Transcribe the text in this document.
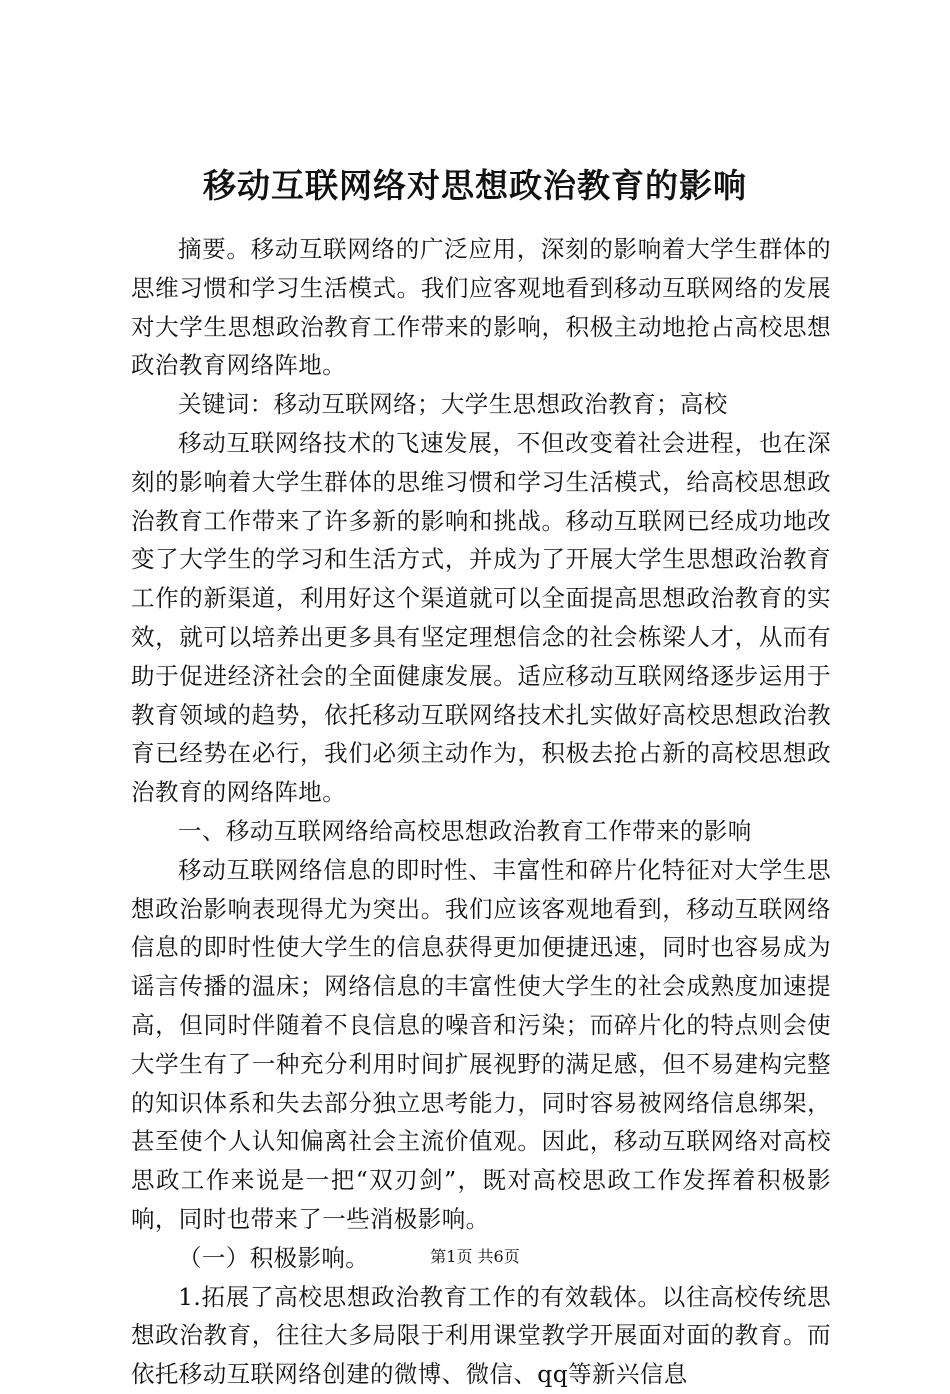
移动互联网络对思想政治教育的影响

摘要。移动互联网络的广泛应用，深刻的影响着大学生群体的思维习惯和学习生活模式。我们应客观地看到移动互联网络的发展对大学生思想政治教育工作带来的影响，积极主动地抢占高校思想政治教育网络阵地。

关键词：移动互联网络；大学生思想政治教育；高校

移动互联网络技术的飞速发展，不但改变着社会进程，也在深刻的影响着大学生群体的思维习惯和学习生活模式，给高校思想政治教育工作带来了许多新的影响和挑战。移动互联网已经成功地改变了大学生的学习和生活方式，并成为了开展大学生思想政治教育工作的新渠道，利用好这个渠道就可以全面提高思想政治教育的实效，就可以培养出更多具有坚定理想信念的社会栋梁人才，从而有助于促进经济社会的全面健康发展。适应移动互联网络逐步运用于教育领域的趋势，依托移动互联网络技术扎实做好高校思想政治教育已经势在必行，我们必须主动作为，积极去抢占新的高校思想政治教育的网络阵地。

一、移动互联网络给高校思想政治教育工作带来的影响

移动互联网络信息的即时性、丰富性和碎片化特征对大学生思想政治影响表现得尤为突出。我们应该客观地看到，移动互联网络信息的即时性使大学生的信息获得更加便捷迅速，同时也容易成为谣言传播的温床；网络信息的丰富性使大学生的社会成熟度加速提高，但同时伴随着不良信息的噪音和污染；而碎片化的特点则会使大学生有了一种充分利用时间扩展视野的满足感，但不易建构完整的知识体系和失去部分独立思考能力，同时容易被网络信息绑架，甚至使个人认知偏离社会主流价值观。因此，移动互联网络对高校思政工作来说是一把“双刃剑”，既对高校思政工作发挥着积极影响，同时也带来了一些消极影响。

（一）积极影响。

1.拓展了高校思想政治教育工作的有效载体。以往高校传统思想政治教育，往往大多局限于利用课堂教学开展面对面的教育。而依托移动互联网络创建的微博、微信、qq等新兴信息

第1页 共6页
